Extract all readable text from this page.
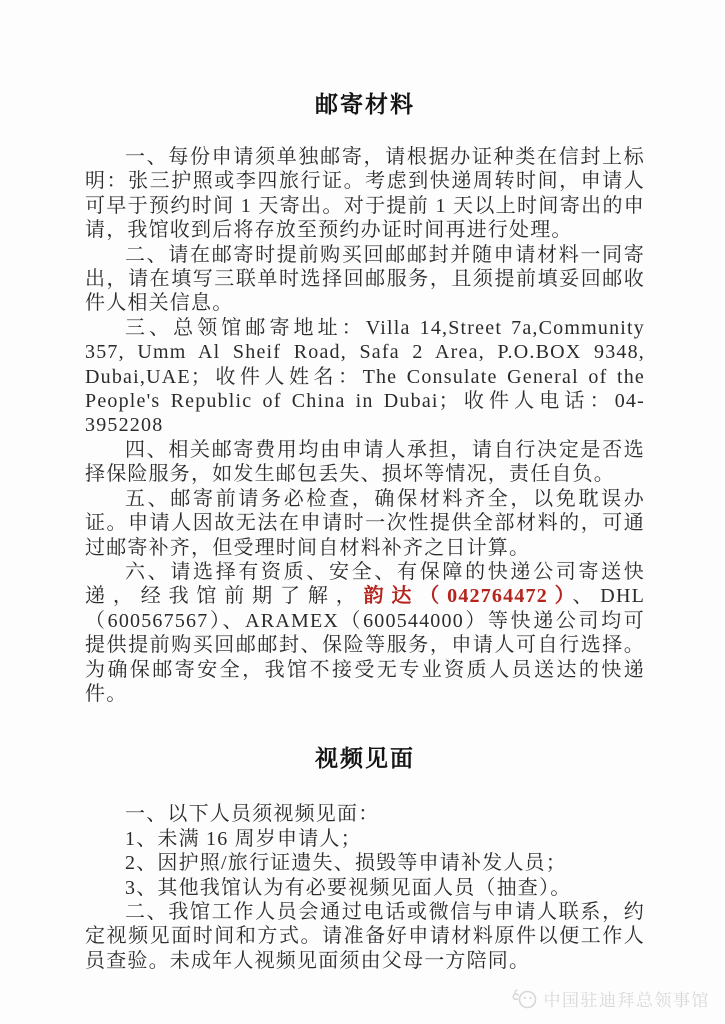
邮寄材料

一、每份申请须单独邮寄，请根据办证种类在信封上标明：张三护照或李四旅行证。考虑到快递周转时间，申请人可早于预约时间 1 天寄出。对于提前 1 天以上时间寄出的申请，我馆收到后将存放至预约办证时间再进行处理。

二、请在邮寄时提前购买回邮邮封并随申请材料一同寄出，请在填写三联单时选择回邮服务，且须提前填妥回邮收件人相关信息。

三、总领馆邮寄地址：Villa 14,Street 7a,Community 357, Umm Al Sheif Road, Safa 2 Area, P.O.BOX 9348, Dubai,UAE；收件人姓名：The Consulate General of the People's Republic of China in Dubai；收件人电话：04-3952208

四、相关邮寄费用均由申请人承担，请自行决定是否选择保险服务，如发生邮包丢失、损坏等情况，责任自负。

五、邮寄前请务必检查，确保材料齐全，以免耽误办证。申请人因故无法在申请时一次性提供全部材料的，可通过邮寄补齐，但受理时间自材料补齐之日计算。

六、请选择有资质、安全、有保障的快递公司寄送快递，经我馆前期了解，韵达（042764472）、DHL（600567567）、ARAMEX（600544000）等快递公司均可提供提前购买回邮邮封、保险等服务，申请人可自行选择。为确保邮寄安全，我馆不接受无专业资质人员送达的快递件。

视频见面

一、以下人员须视频见面：

1、未满 16 周岁申请人；

2、因护照/旅行证遗失、损毁等申请补发人员；

3、其他我馆认为有必要视频见面人员（抽查）。

二、我馆工作人员会通过电话或微信与申请人联系，约定视频见面时间和方式。请准备好申请材料原件以便工作人员查验。未成年人视频见面须由父母一方陪同。

中国驻迪拜总领事馆
